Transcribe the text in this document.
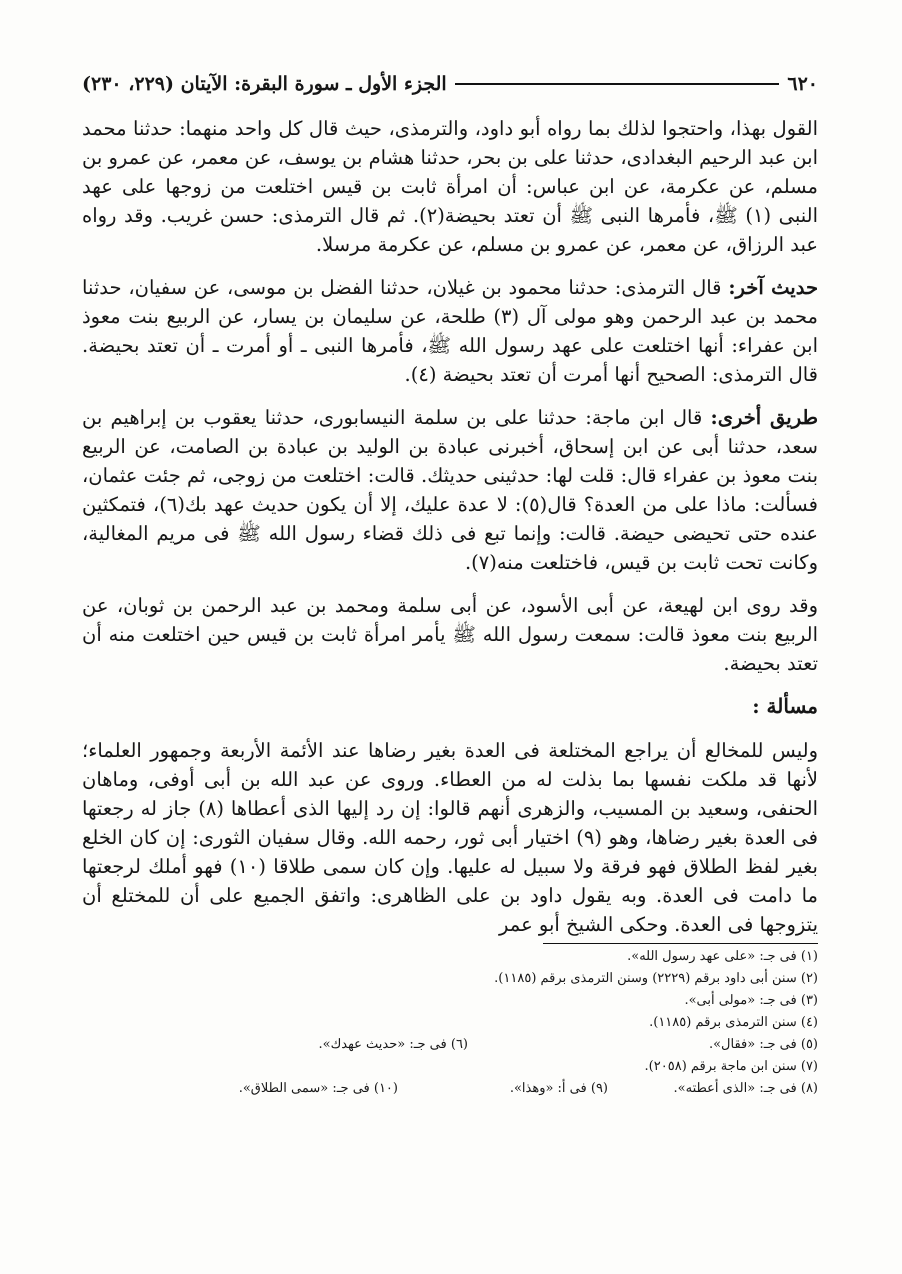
٦٢٠
الجزء الأول ـ سورة البقرة: الآيتان (٢٢٩، ٢٣٠)

القول بهذا، واحتجوا لذلك بما رواه أبو داود، والترمذى، حيث قال كل واحد منهما: حدثنا محمد ابن عبد الرحيم البغدادى، حدثنا على بن بحر، حدثنا هشام بن يوسف، عن معمر، عن عمرو بن مسلم، عن عكرمة، عن ابن عباس: أن امرأة ثابت بن قيس اختلعت من زوجها على عهد النبى (١) ﷺ، فأمرها النبى ﷺ أن تعتد بحيضة(٢). ثم قال الترمذى: حسن غريب. وقد رواه عبد الرزاق، عن معمر، عن عمرو بن مسلم، عن عكرمة مرسلا.

حديث آخر: قال الترمذى: حدثنا محمود بن غيلان، حدثنا الفضل بن موسى، عن سفيان، حدثنا محمد بن عبد الرحمن وهو مولى آل (٣) طلحة، عن سليمان بن يسار، عن الربيع بنت معوذ ابن عفراء: أنها اختلعت على عهد رسول الله ﷺ، فأمرها النبى ـ أو أمرت ـ أن تعتد بحيضة. قال الترمذى: الصحيح أنها أمرت أن تعتد بحيضة (٤).

طريق أخرى: قال ابن ماجة: حدثنا على بن سلمة النيسابورى، حدثنا يعقوب بن إبراهيم بن سعد، حدثنا أبى عن ابن إسحاق، أخبرنى عبادة بن الوليد بن عبادة بن الصامت، عن الربيع بنت معوذ بن عفراء قال: قلت لها: حدثينى حديثك. قالت: اختلعت من زوجى، ثم جئت عثمان، فسألت: ماذا على من العدة؟ قال(٥): لا عدة عليك، إلا أن يكون حديث عهد بك(٦)، فتمكثين عنده حتى تحيضى حيضة. قالت: وإنما تبع فى ذلك قضاء رسول الله ﷺ فى مريم المغالية، وكانت تحت ثابت بن قيس، فاختلعت منه(٧).

وقد روى ابن لهيعة، عن أبى الأسود، عن أبى سلمة ومحمد بن عبد الرحمن بن ثوبان، عن الربيع بنت معوذ قالت: سمعت رسول الله ﷺ يأمر امرأة ثابت بن قيس حين اختلعت منه أن تعتد بحيضة.

مسألة :

وليس للمخالع أن يراجع المختلعة فى العدة بغير رضاها عند الأئمة الأربعة وجمهور العلماء؛ لأنها قد ملكت نفسها بما بذلت له من العطاء. وروى عن عبد الله بن أبى أوفى، وماهان الحنفى، وسعيد بن المسيب، والزهرى أنهم قالوا: إن رد إليها الذى أعطاها (٨) جاز له رجعتها فى العدة بغير رضاها، وهو (٩) اختيار أبى ثور، رحمه الله. وقال سفيان الثورى: إن كان الخلع بغير لفظ الطلاق فهو فرقة ولا سبيل له عليها. وإن كان سمى طلاقا (١٠) فهو أملك لرجعتها ما دامت فى العدة. وبه يقول داود بن على الظاهرى: واتفق الجميع على أن للمختلع أن يتزوجها فى العدة. وحكى الشيخ أبو عمر

(١) فى جـ: «على عهد رسول الله».
(٢) سنن أبى داود برقم (٢٢٢٩) وسنن الترمذى برقم (١١٨٥).
(٣) فى جـ: «مولى أبى».
(٤) سنن الترمذى برقم (١١٨٥).
(٥) فى جـ: «فقال».
(٦) فى جـ: «حديث عهدك».
(٧) سنن ابن ماجة برقم (٢٠٥٨).
(٨) فى جـ: «الذى أعطته».
(٩) فى أ: «وهذا».
(١٠) فى جـ: «سمى الطلاق».
